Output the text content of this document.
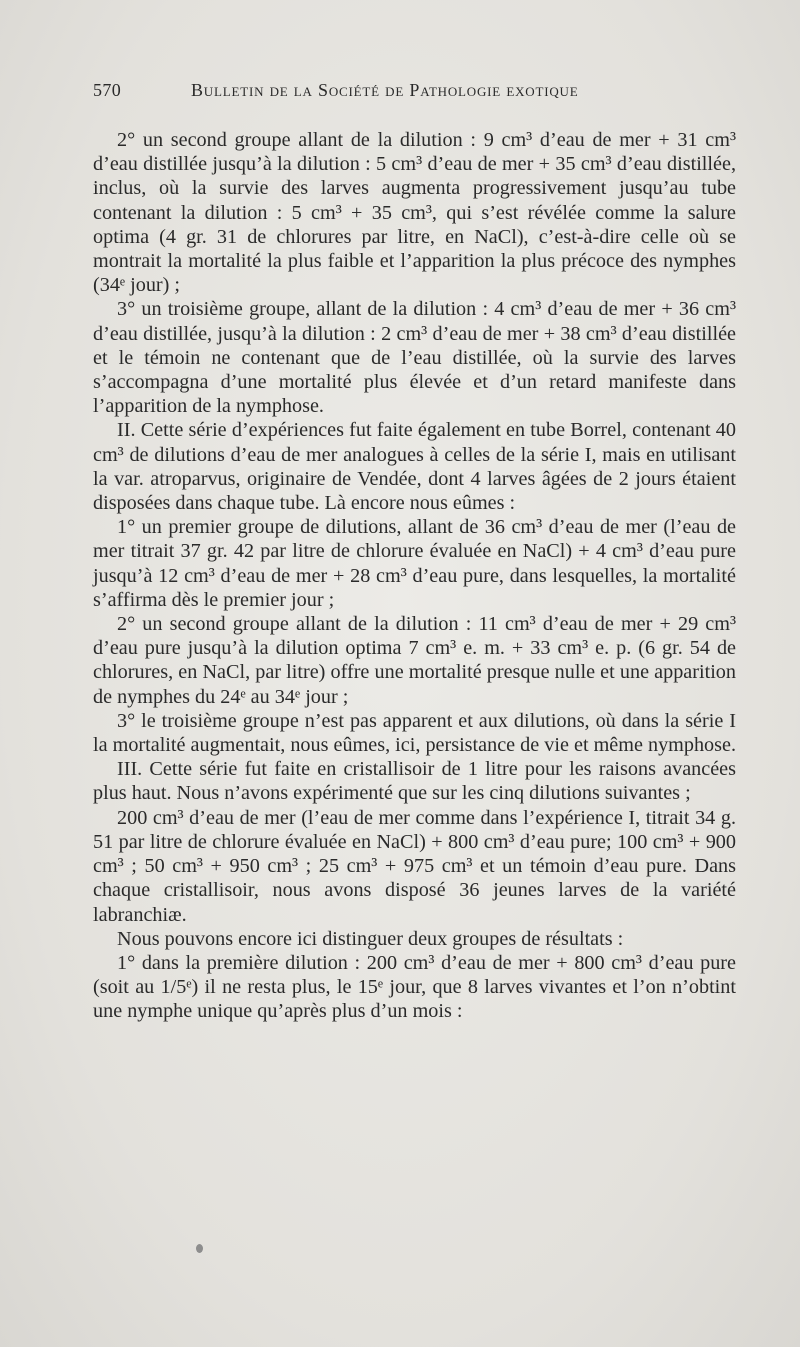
570	Bulletin de la Société de Pathologie exotique

2° un second groupe allant de la dilution : 9 cm³ d’eau de mer + 31 cm³ d’eau distillée jusqu’à la dilution : 5 cm³ d’eau de mer + 35 cm³ d’eau distillée, inclus, où la survie des larves augmenta progressivement jusqu’au tube contenant la dilution : 5 cm³ + 35 cm³, qui s’est révélée comme la salure optima (4 gr. 31 de chlorures par litre, en NaCl), c’est-à-dire celle où se montrait la mortalité la plus faible et l’apparition la plus précoce des nymphes (34ᵉ jour) ;

3° un troisième groupe, allant de la dilution : 4 cm³ d’eau de mer + 36 cm³ d’eau distillée, jusqu’à la dilution : 2 cm³ d’eau de mer + 38 cm³ d’eau distillée et le témoin ne contenant que de l’eau distillée, où la survie des larves s’accompagna d’une mortalité plus élevée et d’un retard manifeste dans l’apparition de la nymphose.

II. Cette série d’expériences fut faite également en tube Borrel, contenant 40 cm³ de dilutions d’eau de mer analogues à celles de la série I, mais en utilisant la var. atroparvus, originaire de Vendée, dont 4 larves âgées de 2 jours étaient disposées dans chaque tube. Là encore nous eûmes :

1° un premier groupe de dilutions, allant de 36 cm³ d’eau de mer (l’eau de mer titrait 37 gr. 42 par litre de chlorure évaluée en NaCl) + 4 cm³ d’eau pure jusqu’à 12 cm³ d’eau de mer + 28 cm³ d’eau pure, dans lesquelles, la mortalité s’affirma dès le premier jour ;

2° un second groupe allant de la dilution : 11 cm³ d’eau de mer + 29 cm³ d’eau pure jusqu’à la dilution optima 7 cm³ e. m. + 33 cm³ e. p. (6 gr. 54 de chlorures, en NaCl, par litre) offre une mortalité presque nulle et une apparition de nymphes du 24ᵉ au 34ᵉ jour ;

3° le troisième groupe n’est pas apparent et aux dilutions, où dans la série I la mortalité augmentait, nous eûmes, ici, persistance de vie et même nymphose.

III. Cette série fut faite en cristallisoir de 1 litre pour les raisons avancées plus haut. Nous n’avons expérimenté que sur les cinq dilutions suivantes ;

200 cm³ d’eau de mer (l’eau de mer comme dans l’expérience I, titrait 34 g. 51 par litre de chlorure évaluée en NaCl) + 800 cm³ d’eau pure; 100 cm³ + 900 cm³ ; 50 cm³ + 950 cm³ ; 25 cm³ + 975 cm³ et un témoin d’eau pure. Dans chaque cristallisoir, nous avons disposé 36 jeunes larves de la variété labranchiæ.

Nous pouvons encore ici distinguer deux groupes de résultats :

1° dans la première dilution : 200 cm³ d’eau de mer + 800 cm³ d’eau pure (soit au 1/5ᵉ) il ne resta plus, le 15ᵉ jour, que 8 larves vivantes et l’on n’obtint une nymphe unique qu’après plus d’un mois :
